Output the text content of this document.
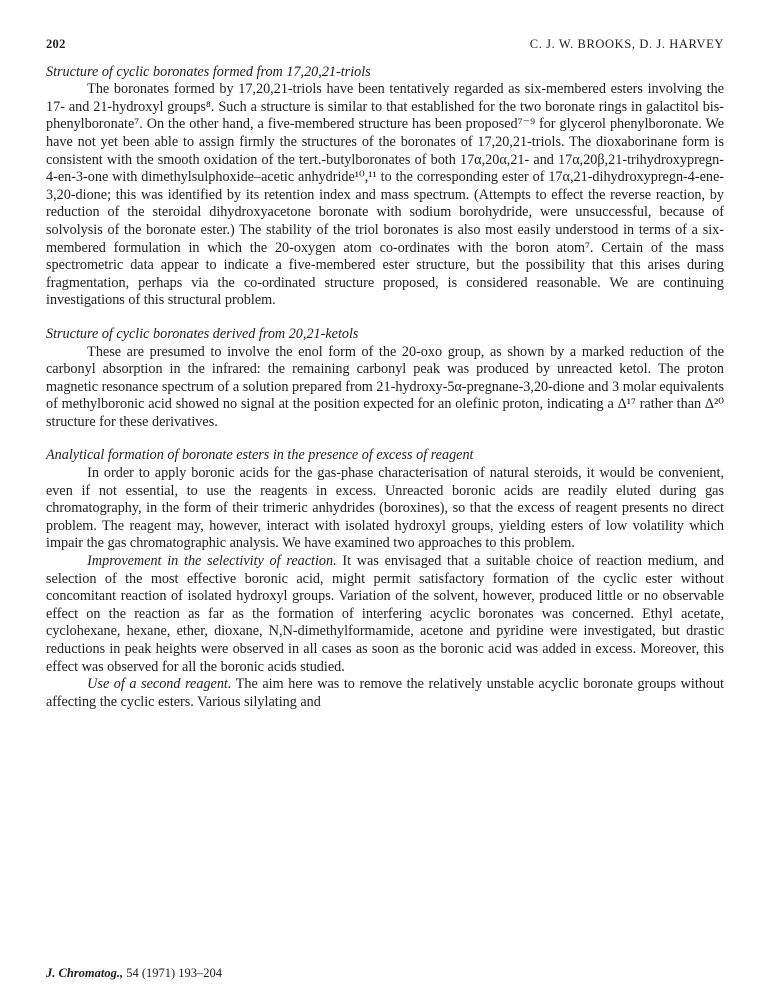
202	C. J. W. BROOKS, D. J. HARVEY

Structure of cyclic boronates formed from 17,20,21-triols

The boronates formed by 17,20,21-triols have been tentatively regarded as six-membered esters involving the 17- and 21-hydroxyl groups⁸. Such a structure is similar to that established for the two boronate rings in galactitol bis-phenylboronate⁷. On the other hand, a five-membered structure has been proposed⁷⁻⁹ for glycerol phenylboronate. We have not yet been able to assign firmly the structures of the boronates of 17,20,21-triols. The dioxaborinane form is consistent with the smooth oxidation of the tert.-butylboronates of both 17α,20α,21- and 17α,20β,21-trihydroxypregn-4-en-3-one with dimethylsulphoxide–acetic anhydride¹⁰,¹¹ to the corresponding ester of 17α,21-dihydroxypregn-4-ene-3,20-dione; this was identified by its retention index and mass spectrum. (Attempts to effect the reverse reaction, by reduction of the steroidal dihydroxyacetone boronate with sodium borohydride, were unsuccessful, because of solvolysis of the boronate ester.) The stability of the triol boronates is also most easily understood in terms of a six-membered formulation in which the 20-oxygen atom co-ordinates with the boron atom⁷. Certain of the mass spectrometric data appear to indicate a five-membered ester structure, but the possibility that this arises during fragmentation, perhaps via the co-ordinated structure proposed, is considered reasonable. We are continuing investigations of this structural problem.

Structure of cyclic boronates derived from 20,21-ketols

These are presumed to involve the enol form of the 20-oxo group, as shown by a marked reduction of the carbonyl absorption in the infrared: the remaining carbonyl peak was produced by unreacted ketol. The proton magnetic resonance spectrum of a solution prepared from 21-hydroxy-5α-pregnane-3,20-dione and 3 molar equivalents of methylboronic acid showed no signal at the position expected for an olefinic proton, indicating a Δ¹⁷ rather than Δ²⁰ structure for these derivatives.

Analytical formation of boronate esters in the presence of excess of reagent

In order to apply boronic acids for the gas-phase characterisation of natural steroids, it would be convenient, even if not essential, to use the reagents in excess. Unreacted boronic acids are readily eluted during gas chromatography, in the form of their trimeric anhydrides (boroxines), so that the excess of reagent presents no direct problem. The reagent may, however, interact with isolated hydroxyl groups, yielding esters of low volatility which impair the gas chromatographic analysis. We have examined two approaches to this problem.

Improvement in the selectivity of reaction. It was envisaged that a suitable choice of reaction medium, and selection of the most effective boronic acid, might permit satisfactory formation of the cyclic ester without concomitant reaction of isolated hydroxyl groups. Variation of the solvent, however, produced little or no observable effect on the reaction as far as the formation of interfering acyclic boronates was concerned. Ethyl acetate, cyclohexane, hexane, ether, dioxane, N,N-dimethylformamide, acetone and pyridine were investigated, but drastic reductions in peak heights were observed in all cases as soon as the boronic acid was added in excess. Moreover, this effect was observed for all the boronic acids studied.

Use of a second reagent. The aim here was to remove the relatively unstable acyclic boronate groups without affecting the cyclic esters. Various silylating and

J. Chromatog., 54 (1971) 193–204
